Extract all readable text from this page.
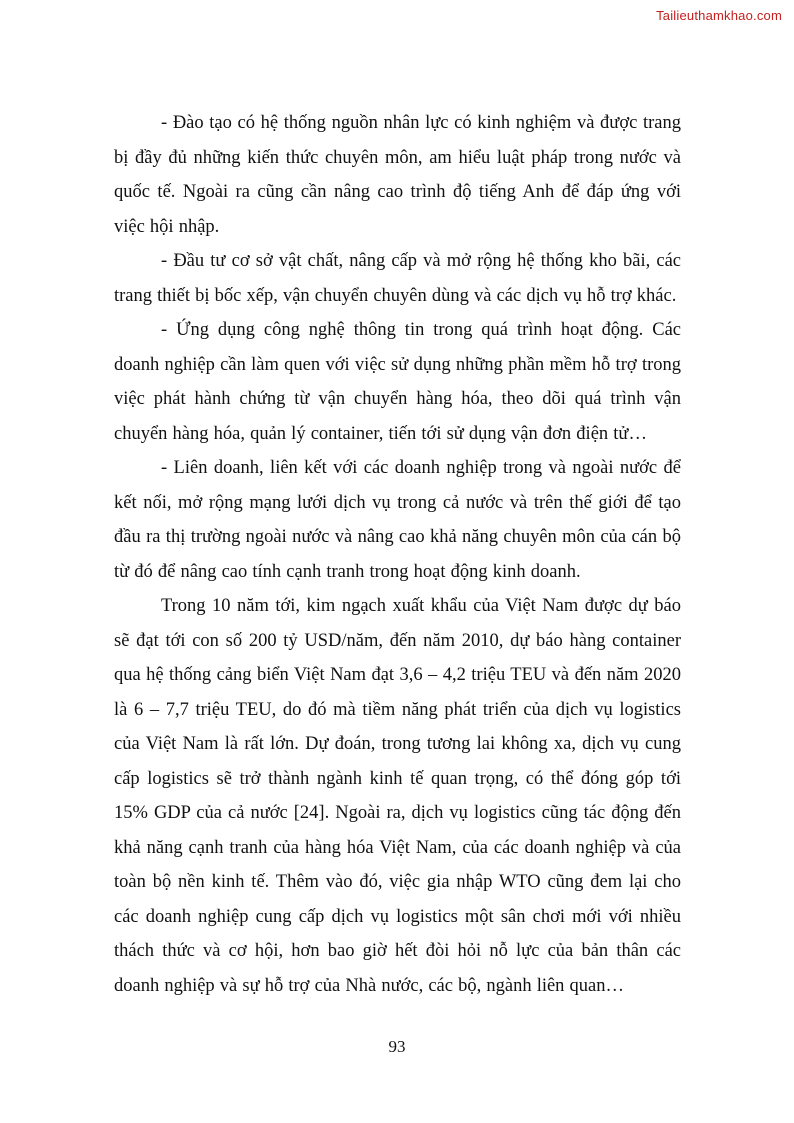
Tailieuthamkhao.com

- Đào tạo có hệ thống nguồn nhân lực có kinh nghiệm và được trang bị đầy đủ những kiến thức chuyên môn, am hiểu luật pháp trong nước và quốc tế. Ngoài ra cũng cần nâng cao trình độ tiếng Anh để đáp ứng với việc hội nhập.

- Đầu tư cơ sở vật chất, nâng cấp và mở rộng hệ thống kho bãi, các trang thiết bị bốc xếp, vận chuyển chuyên dùng và các dịch vụ hỗ trợ khác.

- Ứng dụng công nghệ thông tin trong quá trình hoạt động. Các doanh nghiệp cần làm quen với việc sử dụng những phần mềm hỗ trợ trong việc phát hành chứng từ vận chuyển hàng hóa, theo dõi quá trình vận chuyển hàng hóa, quản lý container, tiến tới sử dụng vận đơn điện tử…

- Liên doanh, liên kết với các doanh nghiệp trong và ngoài nước để kết nối, mở rộng mạng lưới dịch vụ trong cả nước và trên thế giới để tạo đầu ra thị trường ngoài nước và nâng cao khả năng chuyên môn của cán bộ từ đó để nâng cao tính cạnh tranh trong hoạt động kinh doanh.

Trong 10 năm tới, kim ngạch xuất khẩu của Việt Nam được dự báo sẽ đạt tới con số 200 tỷ USD/năm, đến năm 2010, dự báo hàng container qua hệ thống cảng biển Việt Nam đạt 3,6 – 4,2 triệu TEU và đến năm 2020 là 6 – 7,7 triệu TEU, do đó mà tiềm năng phát triển của dịch vụ logistics của Việt Nam là rất lớn. Dự đoán, trong tương lai không xa, dịch vụ cung cấp logistics sẽ trở thành ngành kinh tế quan trọng, có thể đóng góp tới 15% GDP của cả nước [24]. Ngoài ra, dịch vụ logistics cũng tác động đến khả năng cạnh tranh của hàng hóa Việt Nam, của các doanh nghiệp và của toàn bộ nền kinh tế. Thêm vào đó, việc gia nhập WTO cũng đem lại cho các doanh nghiệp cung cấp dịch vụ logistics một sân chơi mới với nhiều thách thức và cơ hội, hơn bao giờ hết đòi hỏi nỗ lực của bản thân các doanh nghiệp và sự hỗ trợ của Nhà nước, các bộ, ngành liên quan…

93
